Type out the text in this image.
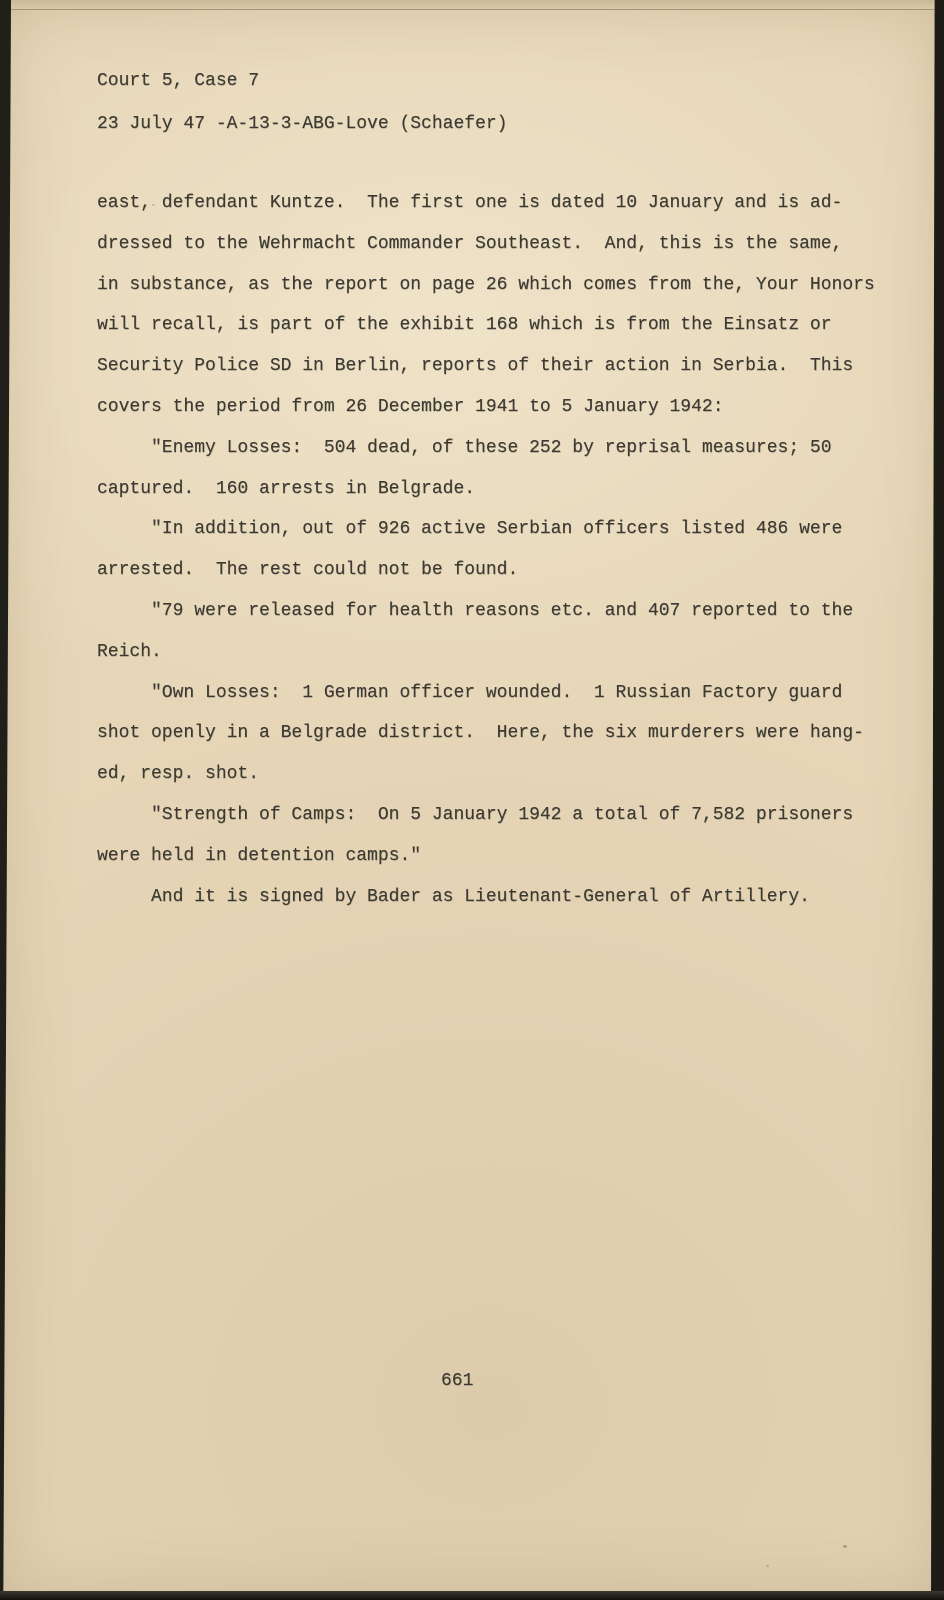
Court 5, Case 7
23 July 47 -A-13-3-ABG-Love (Schaefer)
east, defendant Kuntze.  The first one is dated 10 January and is ad-
dressed to the Wehrmacht Commander Southeast.  And, this is the same,
in substance, as the report on page 26 which comes from the, Your Honors
will recall, is part of the exhibit 168 which is from the Einsatz or
Security Police SD in Berlin, reports of their action in Serbia.  This
covers the period from 26 December 1941 to 5 January 1942:
"Enemy Losses:  504 dead, of these 252 by reprisal measures; 50
captured.  160 arrests in Belgrade.
"In addition, out of 926 active Serbian officers listed 486 were
arrested.  The rest could not be found.
"79 were released for health reasons etc. and 407 reported to the
Reich.
"Own Losses:  1 German officer wounded.  1 Russian Factory guard
shot openly in a Belgrade district.  Here, the six murderers were hang-
ed, resp. shot.
"Strength of Camps:  On 5 January 1942 a total of 7,582 prisoners
were held in detention camps."
And it is signed by Bader as Lieutenant-General of Artillery.
661
